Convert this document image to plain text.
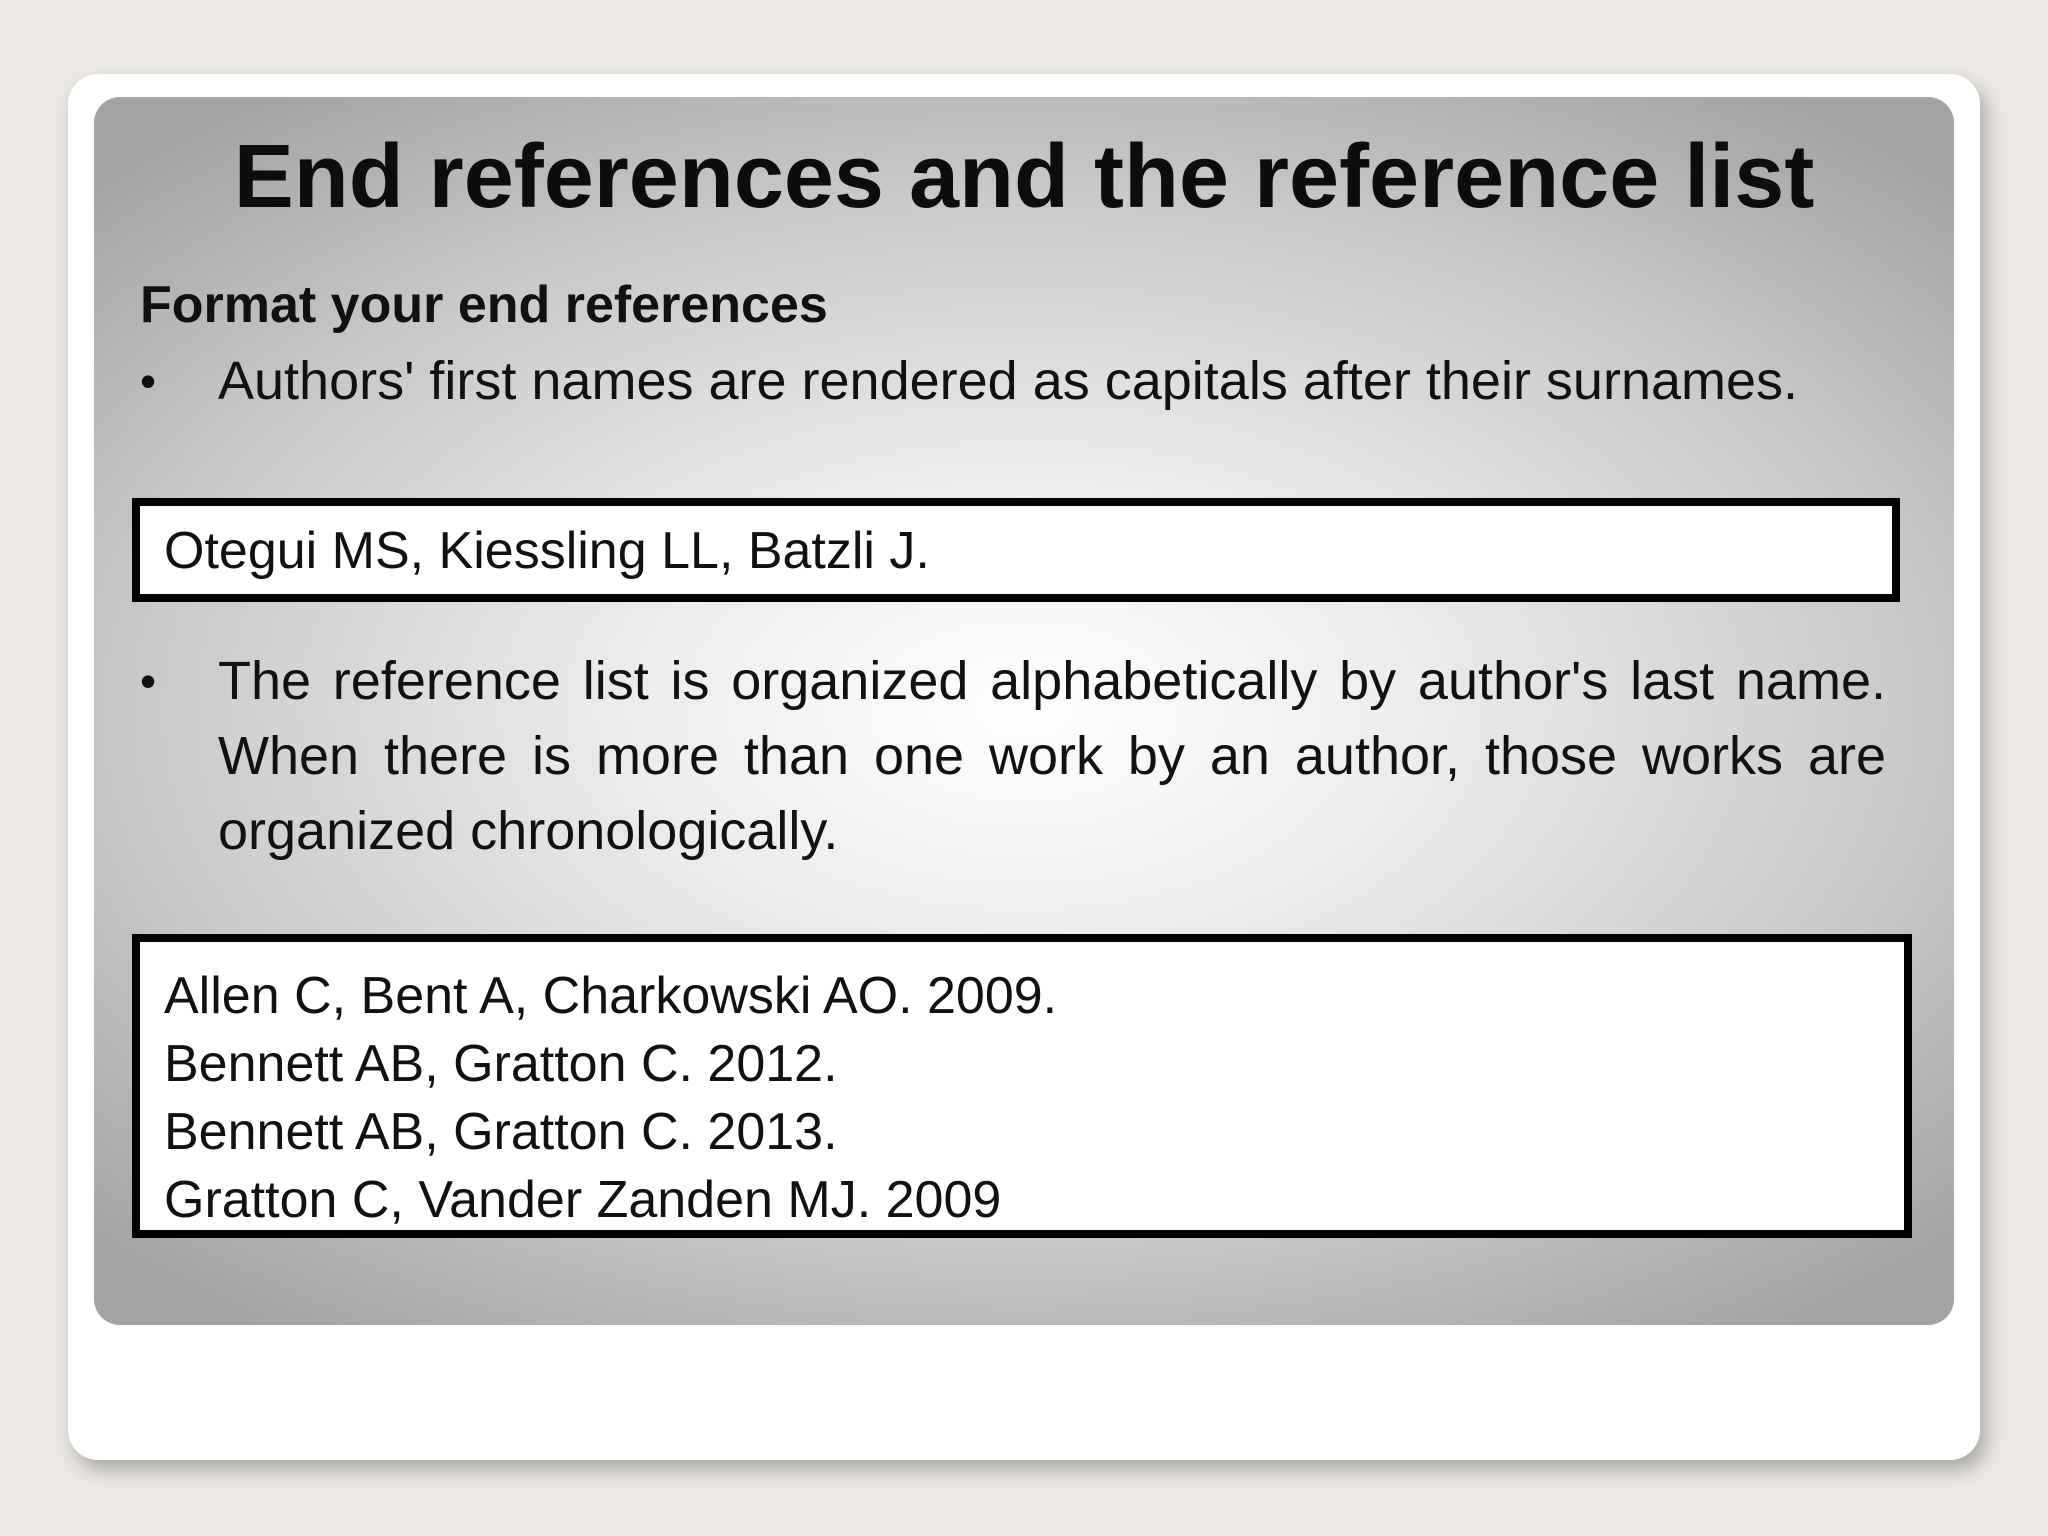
End references and the reference list
Format your end references
•	Authors' first names are rendered as capitals after their surnames.
Otegui MS, Kiessling LL, Batzli J.
•	The reference list is organized alphabetically by author's last name. When there is more than one work by an author, those works are organized chronologically.
Allen C, Bent A, Charkowski AO. 2009.
Bennett AB, Gratton C. 2012.
Bennett AB, Gratton C. 2013.
Gratton C, Vander Zanden MJ. 2009
